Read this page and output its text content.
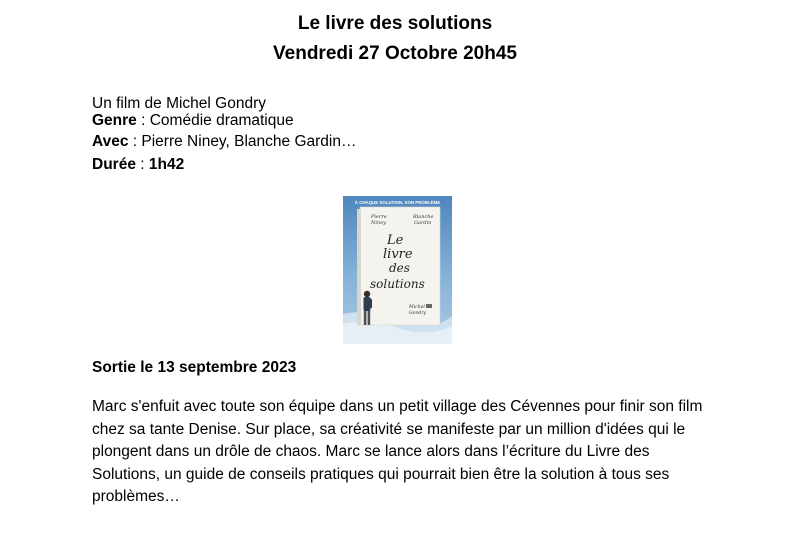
Le livre des solutions
Vendredi 27 Octobre 20h45
Un film de Michel Gondry
Genre : Comédie dramatique
Avec : Pierre Niney, Blanche Gardin…
Durée : 1h42
À CHAQUE SOLUTION, SON PROBLÈME
Pierre
Niney
Blanche
Gardin
Le
livre
des
solutions
Michel
Gondry
Sortie le 13 septembre 2023
Marc s'enfuit avec toute son équipe dans un petit village des Cévennes pour finir son film chez sa tante Denise. Sur place, sa créativité se manifeste par un million d'idées qui le plongent dans un drôle de chaos. Marc se lance alors dans l’écriture du Livre des Solutions, un guide de conseils pratiques qui pourrait bien être la solution à tous ses problèmes…
